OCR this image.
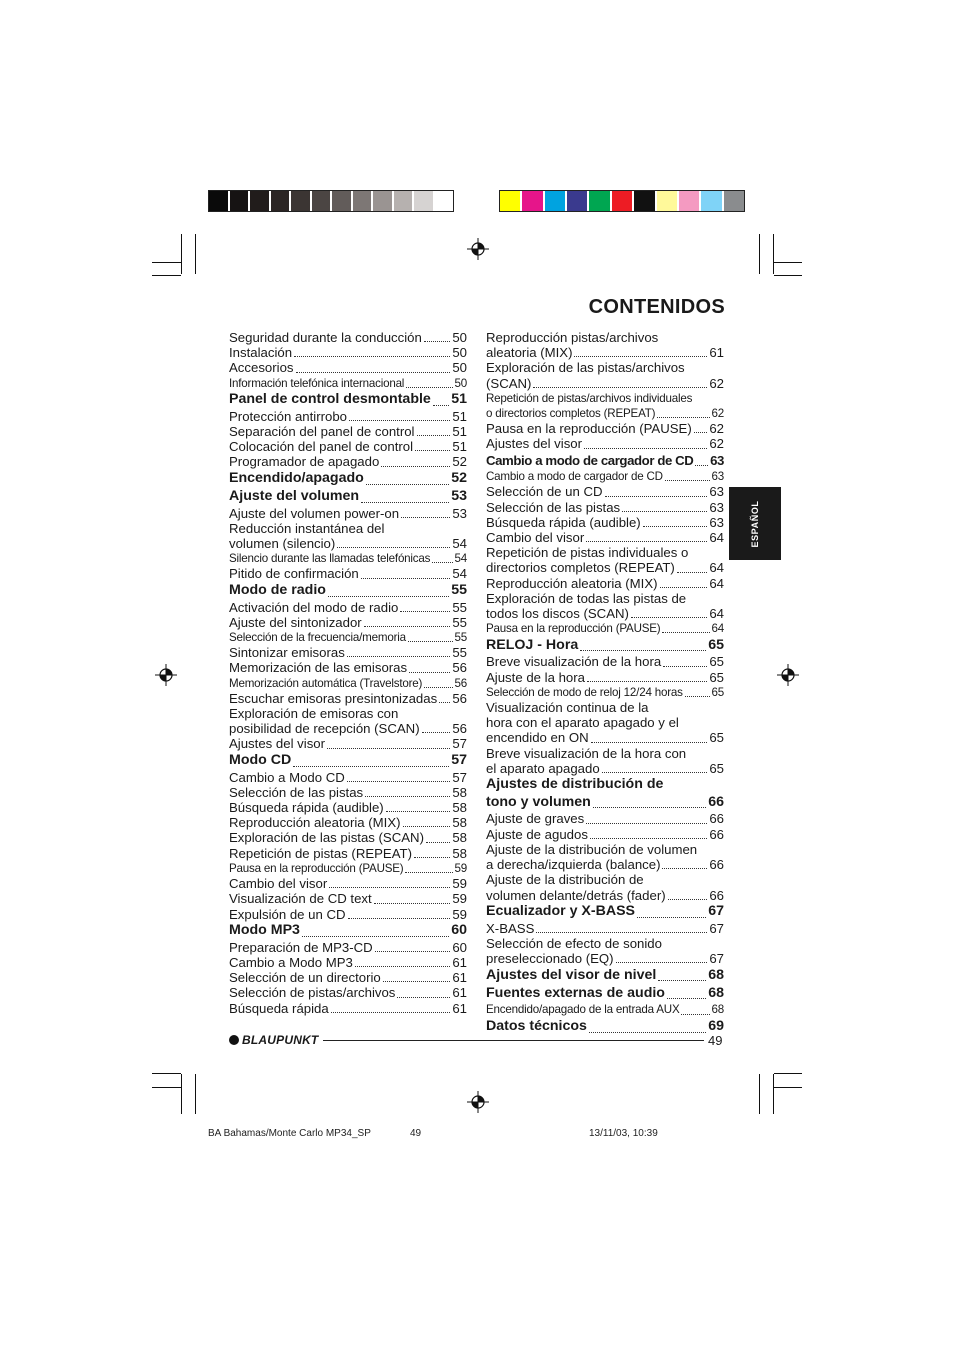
CONTENIDOS
Seguridad durante la conducción 50
Instalación	50
Accesorios	50
Información telefónica internacional	50
Panel de control desmontable 51
Protección antirrobo	51
Separación del panel de control	51
Colocación del panel de control	51
Programador de apagado	52
Encendido/apagado	52
Ajuste del volumen	53
Ajuste del volumen power-on	53
Reducción instantánea del
volumen (silencio)	54
Silencio durante las llamadas telefónicas 54
Pitido de confirmación	54
Modo de radio	55
Activación del modo de radio	55
Ajuste del sintonizador	55
Selección de la frecuencia/memoria	55
Sintonizar emisoras	55
Memorización de las emisoras	56
Memorización automática (Travelstore)	56
Escuchar emisoras presintonizadas 56
Exploración de emisoras con
posibilidad de recepción (SCAN) 56
Ajustes del visor	57
Modo CD	57
Cambio a Modo CD	57
Selección de las pistas	58
Búsqueda rápida (audible)	58
Reproducción aleatoria (MIX)	58
Exploración de las pistas (SCAN) 58
Repetición de pistas (REPEAT)	58
Pausa en la reproducción (PAUSE)	59
Cambio del visor	59
Visualización de CD text	59
Expulsión de un CD	59
Modo MP3	60
Preparación de MP3-CD	60
Cambio a Modo MP3	61
Selección de un directorio	61
Selección de pistas/archivos	61
Búsqueda rápida	61
Reproducción pistas/archivos
aleatoria (MIX)	61
Exploración de las pistas/archivos
(SCAN)	62
Repetición de pistas/archivos individuales
o directorios completos (REPEAT)	62
Pausa en la reproducción (PAUSE) 62
Ajustes del visor	62
Cambio a modo de cargador de CD 63
Cambio a modo de cargador de CD	63
Selección de un CD	63
Selección de las pistas	63
Búsqueda rápida (audible)	63
Cambio del visor	64
Repetición de pistas individuales o
directorios completos (REPEAT)	64
Reproducción aleatoria (MIX)	64
Exploración de todas las pistas de
todos los discos (SCAN)	64
Pausa en la reproducción (PAUSE)	64
RELOJ - Hora	65
Breve visualización de la hora	65
Ajuste de la hora	65
Selección de modo de reloj 12/24 horas 65
Visualización continua de la
hora con el aparato apagado y el
encendido en ON	65
Breve visualización de la hora con
el aparato apagado	65
Ajustes de distribución de
tono y volumen	66
Ajuste de graves	66
Ajuste de agudos	66
Ajuste de la distribución de volumen
a derecha/izquierda (balance)	66
Ajuste de la distribución de
volumen delante/detrás (fader)	66
Ecualizador y X-BASS	67
X-BASS	67
Selección de efecto de sonido
preseleccionado (EQ)	67
Ajustes del visor de nivel	68
Fuentes externas de audio	68
Encendido/apagado de la entrada AUX	68
Datos técnicos	69
ESPAÑOL
BLAUPUNKT	49
BA Bahamas/Monte Carlo MP34_SP	49	13/11/03, 10:39
